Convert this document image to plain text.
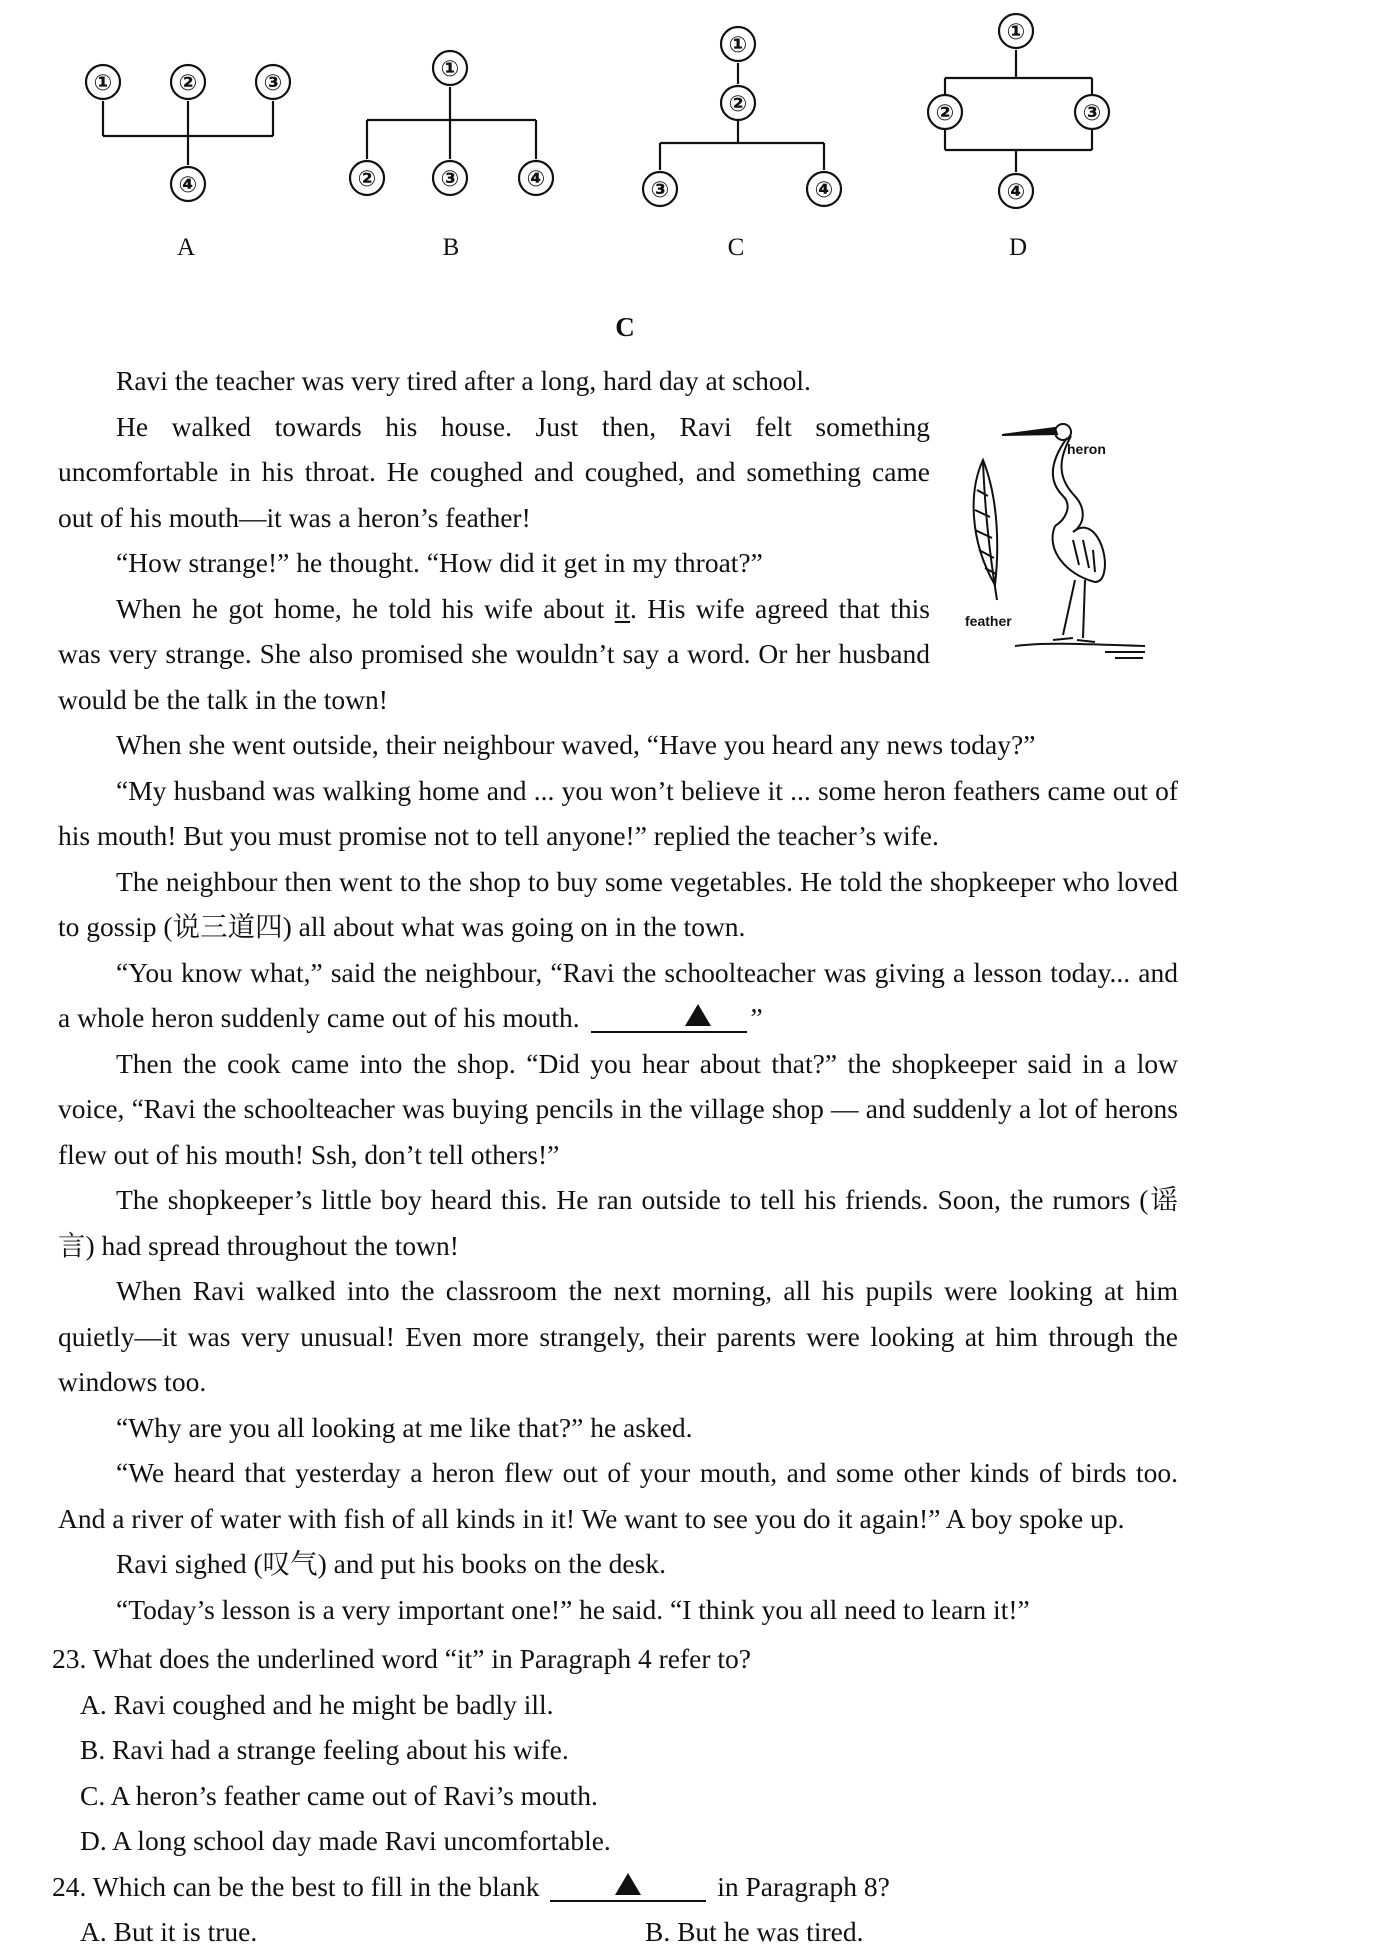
①	②	③
④
①
②	③	④
①
②
③	④
①
②	③
④
A	B	C	D
C
heron
feather

Ravi the teacher was very tired after a long, hard day at school.

He walked towards his house. Just then, Ravi felt something uncomfortable in his throat. He coughed and coughed, and something came out of his mouth—it was a heron’s feather!

“How strange!” he thought. “How did it get in my throat?”

When he got home, he told his wife about it. His wife agreed that this was very strange. She also promised she wouldn’t say a word. Or her husband would be the talk in the town!

When she went outside, their neighbour waved, “Have you heard any news today?”

“My husband was walking home and ... you won’t believe it ... some heron feathers came out of his mouth! But you must promise not to tell anyone!” replied the teacher’s wife.

The neighbour then went to the shop to buy some vegetables. He told the shopkeeper who loved to gossip (说三道四) all about what was going on in the town.

“You know what,” said the neighbour, “Ravi the schoolteacher was giving a lesson today... and a whole heron suddenly came out of his mouth.	”

Then the cook came into the shop. “Did you hear about that?” the shopkeeper said in a low voice, “Ravi the schoolteacher was buying pencils in the village shop — and suddenly a lot of herons flew out of his mouth! Ssh, don’t tell others!”

The shopkeeper’s little boy heard this. He ran outside to tell his friends. Soon, the rumors (谣言) had spread throughout the town!

When Ravi walked into the classroom the next morning, all his pupils were looking at him quietly—it was very unusual! Even more strangely, their parents were looking at him through the windows too.

“Why are you all looking at me like that?” he asked.

“We heard that yesterday a heron flew out of your mouth, and some other kinds of birds too. And a river of water with fish of all kinds in it! We want to see you do it again!” A boy spoke up.

Ravi sighed (叹气) and put his books on the desk.

“Today’s lesson is a very important one!” he said. “I think you all need to learn it!”

23. What does the underlined word “it” in Paragraph 4 refer to?

A. Ravi coughed and he might be badly ill.

B. Ravi had a strange feeling about his wife.

C. A heron’s feather came out of Ravi’s mouth.

D. A long school day made Ravi uncomfortable.

24. Which can be the best to fill in the blank	in Paragraph 8?

A. But it is true.	B. But he was tired.
